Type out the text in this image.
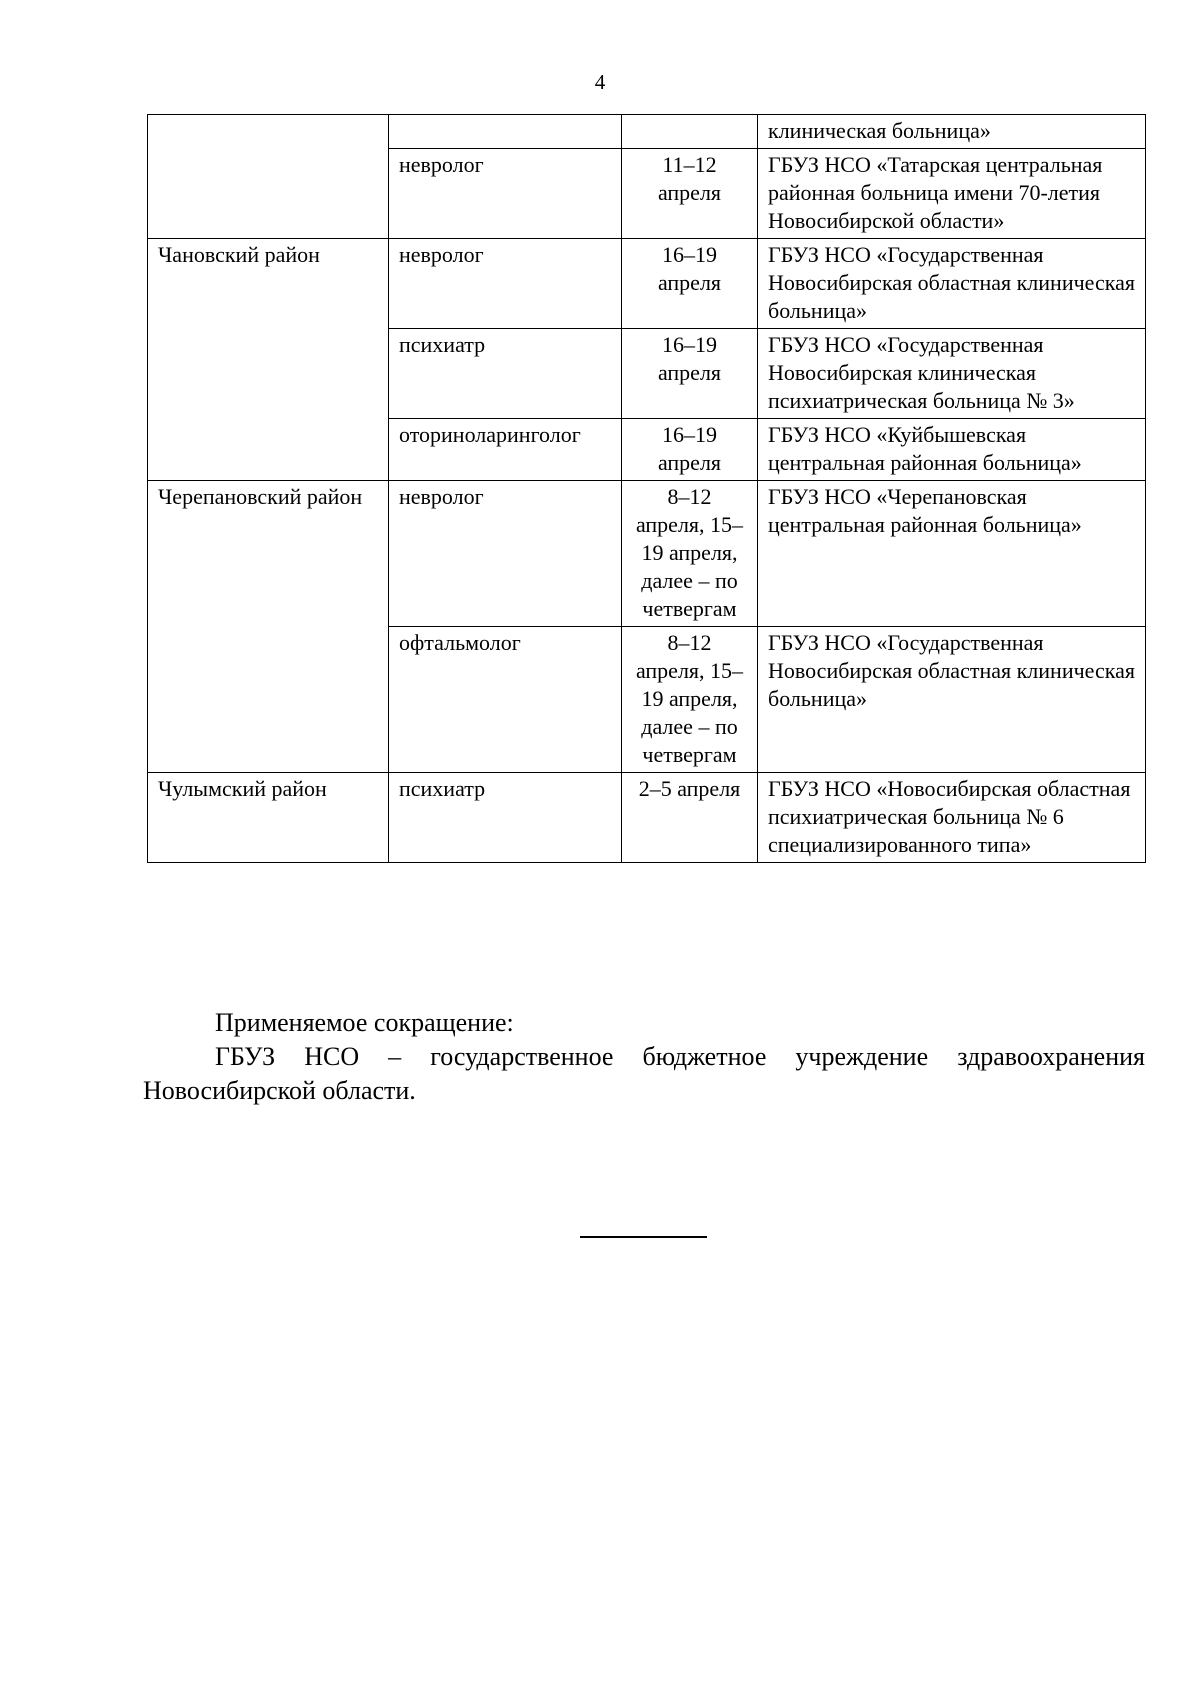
4
			клиническая больница»
	невролог	11–12 апреля	ГБУЗ НСО «Татарская центральная районная больница имени 70-летия Новосибирской области»
Чановский район	невролог	16–19 апреля	ГБУЗ НСО «Государственная Новосибирская областная клиническая больница»
	психиатр	16–19 апреля	ГБУЗ НСО «Государственная Новосибирская клиническая психиатрическая больница № 3»
	оториноларинголог	16–19 апреля	ГБУЗ НСО «Куйбышевская центральная районная больница»
Черепановский район	невролог	8–12 апреля, 15–19 апреля, далее – по четвергам	ГБУЗ НСО «Черепановская центральная районная больница»
	офтальмолог	8–12 апреля, 15–19 апреля, далее – по четвергам	ГБУЗ НСО «Государственная Новосибирская областная клиническая больница»
Чулымский район	психиатр	2–5 апреля	ГБУЗ НСО «Новосибирская областная психиатрическая больница № 6 специализированного типа»

Применяемое сокращение:

ГБУЗ НСО – государственное бюджетное учреждение здравоохранения Новосибирской области.
